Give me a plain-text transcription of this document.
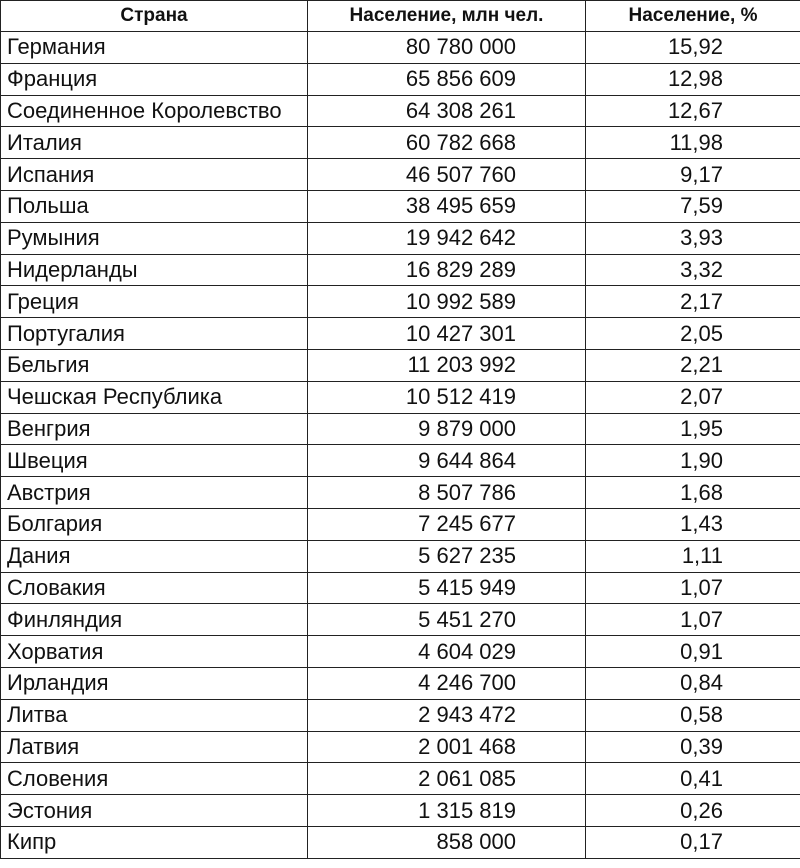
Страна	Население, млн чел.	Население, %
Германия	80 780 000	15,92
Франция	65 856 609	12,98
Соединенное Королевство	64 308 261	12,67
Италия	60 782 668	11,98
Испания	46 507 760	9,17
Польша	38 495 659	7,59
Румыния	19 942 642	3,93
Нидерланды	16 829 289	3,32
Греция	10 992 589	2,17
Португалия	10 427 301	2,05
Бельгия	11 203 992	2,21
Чешская Республика	10 512 419	2,07
Венгрия	9 879 000	1,95
Швеция	9 644 864	1,90
Австрия	8 507 786	1,68
Болгария	7 245 677	1,43
Дания	5 627 235	1,11
Словакия	5 415 949	1,07
Финляндия	5 451 270	1,07
Хорватия	4 604 029	0,91
Ирландия	4 246 700	0,84
Литва	2 943 472	0,58
Латвия	2 001 468	0,39
Словения	2 061 085	0,41
Эстония	1 315 819	0,26
Кипр	858 000	0,17
